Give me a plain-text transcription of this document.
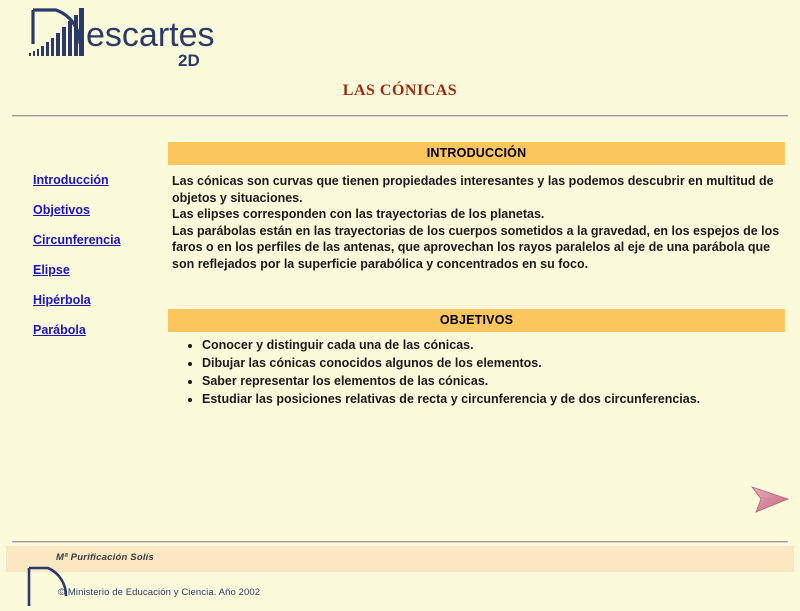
escartes
2D
LAS CÓNICAS
Introducción
Objetivos
Circunferencia
Elipse
Hipérbola
Parábola
INTRODUCCIÓN

Las cónicas son curvas que tienen propiedades interesantes y las podemos descubrir en multitud de objetos y situaciones.

Las elipses corresponden con las trayectorias de los planetas.

Las parábolas están en las trayectorias de los cuerpos sometidos a la gravedad, en los espejos de los faros o en los perfiles de las antenas, que aprovechan los rayos paralelos al eje de una parábola que son reflejados por la superficie parabólica y concentrados en su foco.

OBJETIVOS
• Conocer y distinguir cada una de las cónicas.
• Dibujar las cónicas conocidos algunos de los elementos.
• Saber representar los elementos de las cónicas.
• Estudiar las posiciones relativas de recta y circunferencia y de dos circunferencias.
Mª Purificación Solís
© Ministerio de Educación y Ciencia. Año 2002
